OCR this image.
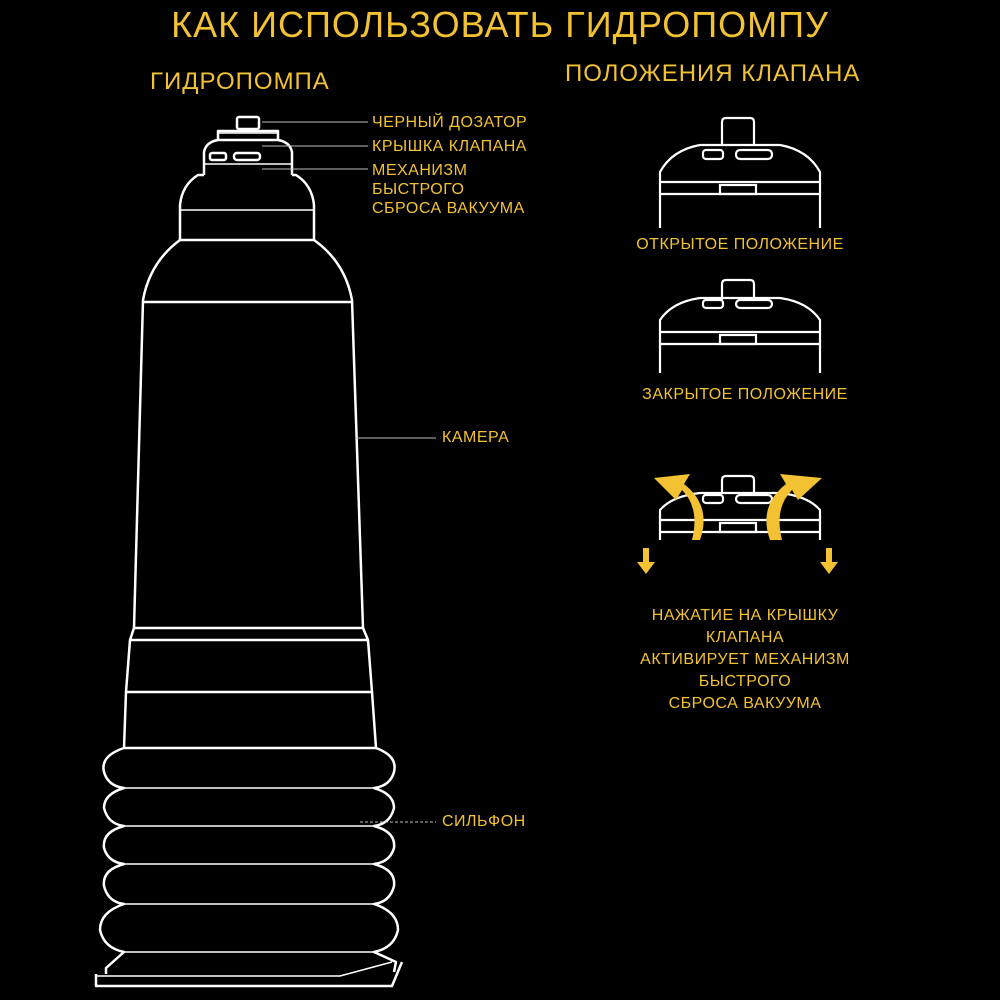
КАК ИСПОЛЬЗОВАТЬ ГИДРОПОМПУ
ГИДРОПОМПА	ПОЛОЖЕНИЯ КЛАПАНА
ЧЕРНЫЙ ДОЗАТОР
КРЫШКА КЛАПАНА
МЕХАНИЗМ
БЫСТРОГО
СБРОСА ВАКУУМА
КАМЕРА
СИЛЬФОН
ОТКРЫТОЕ ПОЛОЖЕНИЕ
ЗАКРЫТОЕ ПОЛОЖЕНИЕ
НАЖАТИЕ НА КРЫШКУ
КЛАПАНА
АКТИВИРУЕТ МЕХАНИЗМ
БЫСТРОГО
СБРОСА ВАКУУМА
